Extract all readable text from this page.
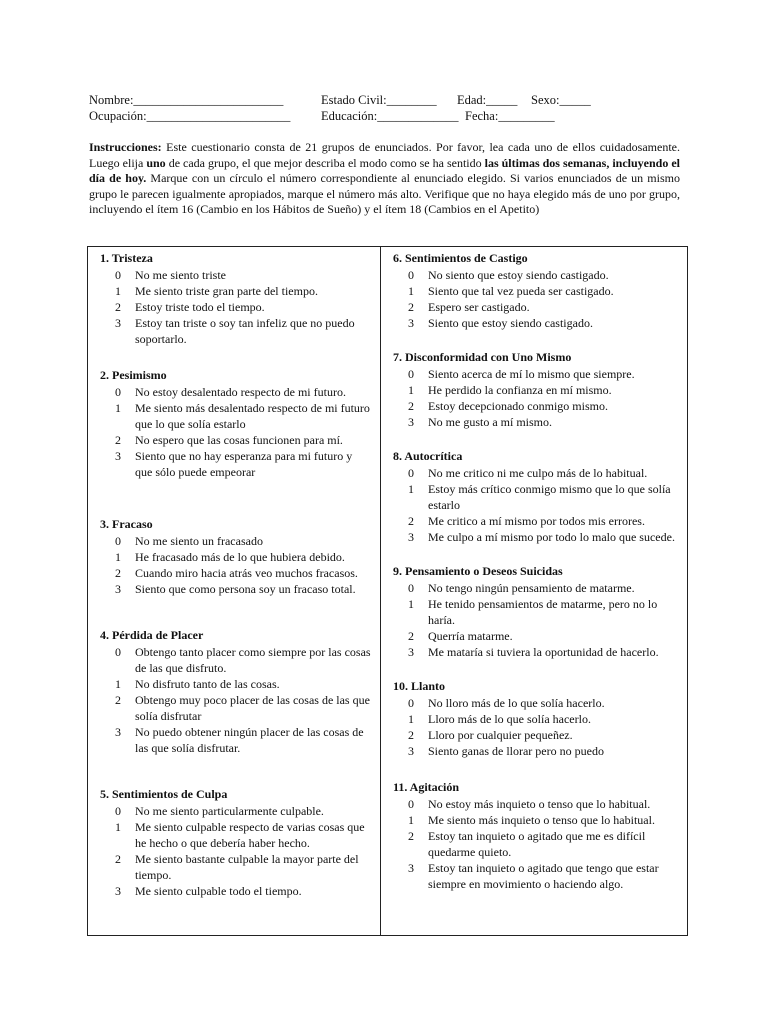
Nombre:________________________	Estado Civil:________	Edad:_____	Sexo:_____
Ocupación:_______________________	Educación:_____________ Fecha:_________
Instrucciones: Este cuestionario consta de 21 grupos de enunciados. Por favor, lea cada uno de ellos cuidadosamente. Luego elija uno de cada grupo, el que mejor describa el modo como se ha sentido las últimas dos semanas, incluyendo el día de hoy. Marque con un círculo el número correspondiente al enunciado elegido. Si varios enunciados de un mismo grupo le parecen igualmente apropiados, marque el número más alto. Verifique que no haya elegido más de uno por grupo, incluyendo el ítem 16 (Cambio en los Hábitos de Sueño) y el ítem 18 (Cambios en el Apetito)
1. Tristeza
0	No me siento triste
1	Me siento triste gran parte del tiempo.
2	Estoy triste todo el tiempo.
3	Estoy tan triste o soy tan infeliz que no puedo soportarlo.
2. Pesimismo
0	No estoy desalentado respecto de mi futuro.
1	Me siento más desalentado respecto de mi futuro que lo que solía estarlo
2	No espero que las cosas funcionen para mí.
3	Siento que no hay esperanza para mi futuro y que sólo puede empeorar
3. Fracaso
0	No me siento un fracasado
1	He fracasado más de lo que hubiera debido.
2	Cuando miro hacia atrás veo muchos fracasos.
3	Siento que como persona soy un fracaso total.
4. Pérdida de Placer
0	Obtengo tanto placer como siempre por las cosas de las que disfruto.
1	No disfruto tanto de las cosas.
2	Obtengo muy poco placer de las cosas de las que solía disfrutar
3	No puedo obtener ningún placer de las cosas de las que solía disfrutar.
5. Sentimientos de Culpa
0	No me siento particularmente culpable.
1	Me siento culpable respecto de varias cosas que he hecho o que debería haber hecho.
2	Me siento bastante culpable la mayor parte del tiempo.
3	Me siento culpable todo el tiempo.
6. Sentimientos de Castigo
0	No siento que estoy siendo castigado.
1	Siento que tal vez pueda ser castigado.
2	Espero ser castigado.
3	Siento que estoy siendo castigado.
7. Disconformidad con Uno Mismo
0	Siento acerca de mí lo mismo que siempre.
1	He perdido la confianza en mí mismo.
2	Estoy decepcionado conmigo mismo.
3	No me gusto a mí mismo.
8. Autocrítica
0	No me critico ni me culpo más de lo habitual.
1	Estoy más crítico conmigo mismo que lo que solía estarlo
2	Me critico a mí mismo por todos mis errores.
3	Me culpo a mí mismo por todo lo malo que sucede.
9. Pensamiento o Deseos Suicidas
0	No tengo ningún pensamiento de matarme.
1	He tenido pensamientos de matarme, pero no lo haría.
2	Querría matarme.
3	Me mataría si tuviera la oportunidad de hacerlo.
10. Llanto
0	No lloro más de lo que solía hacerlo.
1	Lloro más de lo que solía hacerlo.
2	Lloro por cualquier pequeñez.
3	Siento ganas de llorar pero no puedo
11. Agitación
0	No estoy más inquieto o tenso que lo habitual.
1	Me siento más inquieto o tenso que lo habitual.
2	Estoy tan inquieto o agitado que me es difícil quedarme quieto.
3	Estoy tan inquieto o agitado que tengo que estar siempre en movimiento o haciendo algo.
